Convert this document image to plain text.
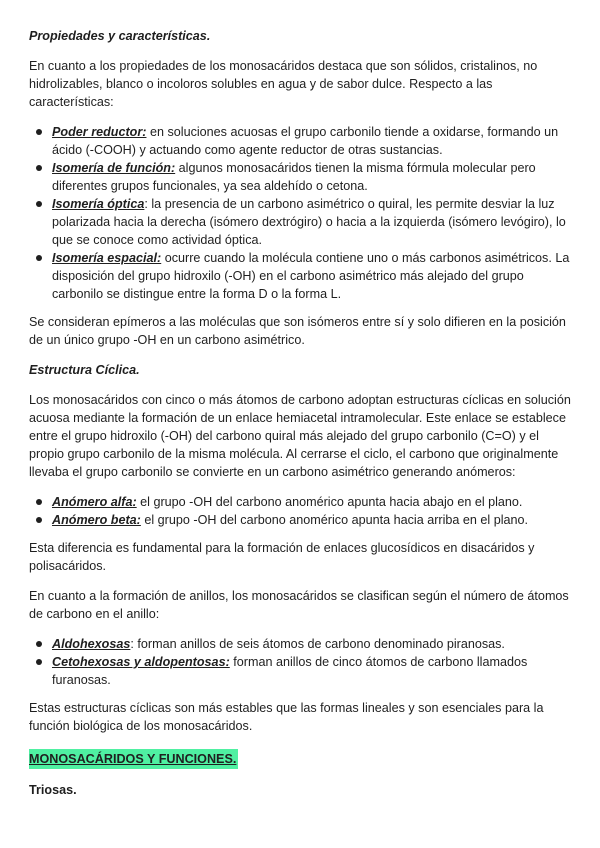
Propiedades y características.

En cuanto a los propiedades de los monosacáridos destaca que son sólidos, cristalinos, no hidrolizables, blanco o incoloros solubles en agua y de sabor dulce. Respecto a las características:

Poder reductor: en soluciones acuosas el grupo carbonilo tiende a oxidarse, formando un ácido (-COOH) y actuando como agente reductor de otras sustancias.
Isomería de función: algunos monosacáridos tienen la misma fórmula molecular pero diferentes grupos funcionales, ya sea aldehído o cetona.
Isomería óptica: la presencia de un carbono asimétrico o quiral, les permite desviar la luz polarizada hacia la derecha (isómero dextrógiro) o hacia a la izquierda (isómero levógiro), lo que se conoce como actividad óptica.
Isomería espacial: ocurre cuando la molécula contiene uno o más carbonos asimétricos. La disposición del grupo hidroxilo (-OH) en el carbono asimétrico más alejado del grupo carbonilo se distingue entre la forma D o la forma L.

Se consideran epímeros a las moléculas que son isómeros entre sí y solo difieren en la posición de un único grupo -OH en un carbono asimétrico.

Estructura Cíclica.

Los monosacáridos con cinco o más átomos de carbono adoptan estructuras cíclicas en solución acuosa mediante la formación de un enlace hemiacetal intramolecular. Este enlace se establece entre el grupo hidroxilo (-OH) del carbono quiral más alejado del grupo carbonilo (C=O) y el propio grupo carbonilo de la misma molécula. Al cerrarse el ciclo, el carbono que originalmente llevaba el grupo carbonilo se convierte en un carbono asimétrico generando anómeros:

Anómero alfa: el grupo -OH del carbono anomérico apunta hacia abajo en el plano.
Anómero beta: el grupo -OH del carbono anomérico apunta hacia arriba en el plano.

Esta diferencia es fundamental para la formación de enlaces glucosídicos en disacáridos y polisacáridos.

En cuanto a la formación de anillos, los monosacáridos se clasifican según el número de átomos de carbono en el anillo:

Aldohexosas: forman anillos de seis átomos de carbono denominado piranosas.
Cetohexosas y aldopentosas: forman anillos de cinco átomos de carbono llamados furanosas.

Estas estructuras cíclicas son más estables que las formas lineales y son esenciales para la función biológica de los monosacáridos.

MONOSACÁRIDOS Y FUNCIONES.
Triosas.
